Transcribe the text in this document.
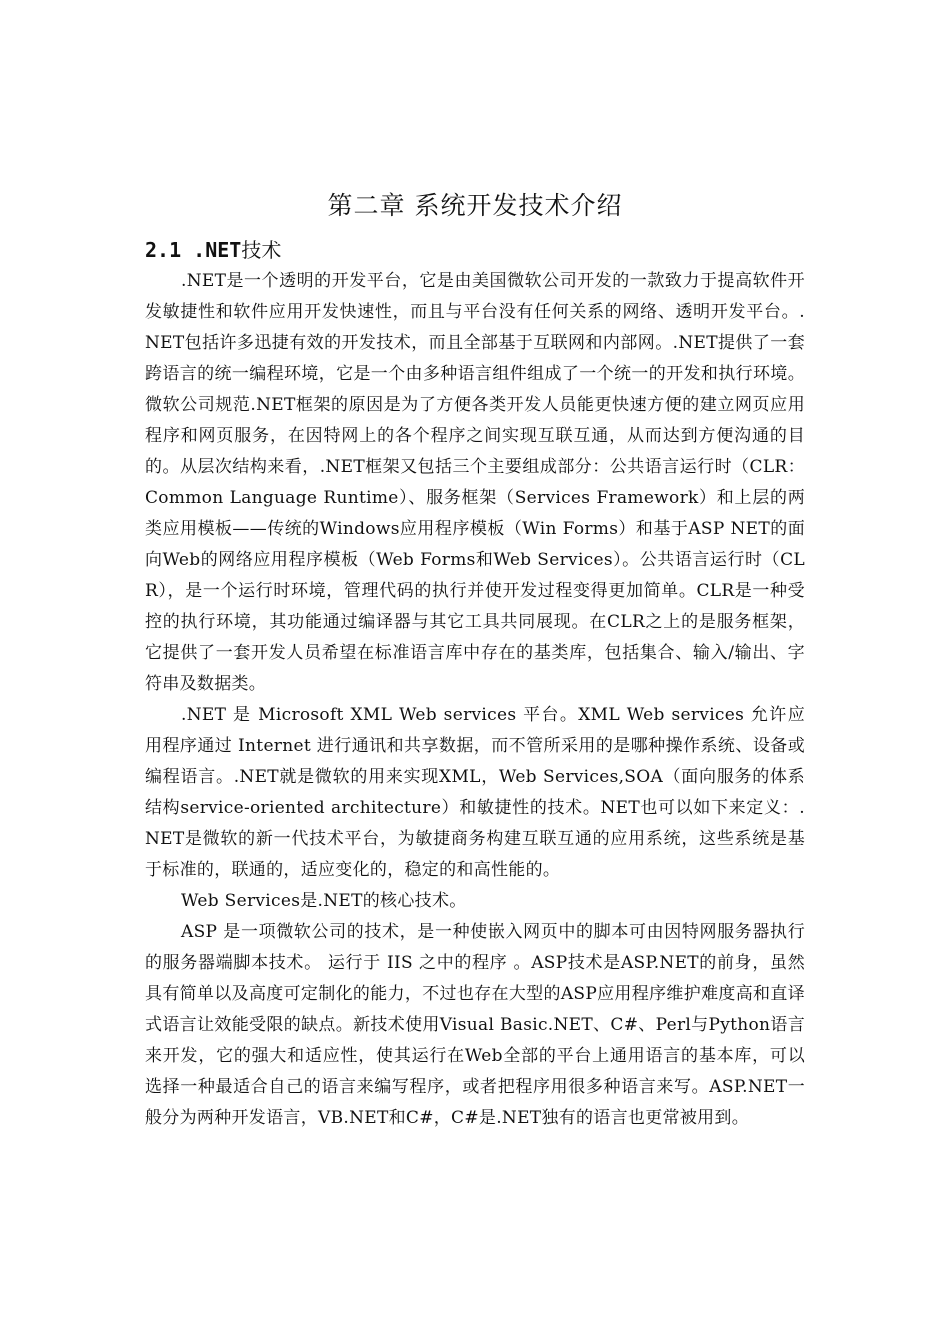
第二章 系统开发技术介绍
2.1 .NET技术

.NET是一个透明的开发平台，它是由美国微软公司开发的一款致力于提高软件开发敏捷性和软件应用开发快速性，而且与平台没有任何关系的网络、透明开发平台。.NET包括许多迅捷有效的开发技术，而且全部基于互联网和内部网。.NET提供了一套跨语言的统一编程环境，它是一个由多种语言组件组成了一个统一的开发和执行环境。微软公司规范.NET框架的原因是为了方便各类开发人员能更快速方便的建立网页应用程序和网页服务，在因特网上的各个程序之间实现互联互通，从而达到方便沟通的目的。从层次结构来看，.NET框架又包括三个主要组成部分：公共语言运行时（CLR：Common Language Runtime）、服务框架（Services Framework）和上层的两类应用模板——传统的Windows应用程序模板（Win Forms）和基于ASP NET的面向Web的网络应用程序模板（Web Forms和Web Services）。公共语言运行时（CLR），是一个运行时环境，管理代码的执行并使开发过程变得更加简单。CLR是一种受控的执行环境，其功能通过编译器与其它工具共同展现。在CLR之上的是服务框架，它提供了一套开发人员希望在标准语言库中存在的基类库，包括集合、输入/输出、字符串及数据类。

.NET 是 Microsoft XML Web services 平台。XML Web services 允许应用程序通过 Internet 进行通讯和共享数据，而不管所采用的是哪种操作系统、设备或编程语言。.NET就是微软的用来实现XML，Web Services,SOA（面向服务的体系结构service-oriented architecture）和敏捷性的技术。NET也可以如下来定义：.NET是微软的新一代技术平台，为敏捷商务构建互联互通的应用系统，这些系统是基于标准的，联通的，适应变化的，稳定的和高性能的。

Web Services是.NET的核心技术。

ASP 是一项微软公司的技术，是一种使嵌入网页中的脚本可由因特网服务器执行的服务器端脚本技术。 运行于 IIS 之中的程序 。ASP技术是ASP.NET的前身，虽然具有简单以及高度可定制化的能力，不过也存在大型的ASP应用程序维护难度高和直译式语言让效能受限的缺点。新技术使用Visual Basic.NET、C#、Perl与Python语言来开发，它的强大和适应性，使其运行在Web全部的平台上通用语言的基本库，可以选择一种最适合自己的语言来编写程序，或者把程序用很多种语言来写。ASP.NET一般分为两种开发语言，VB.NET和C#，C#是.NET独有的语言也更常被用到。
